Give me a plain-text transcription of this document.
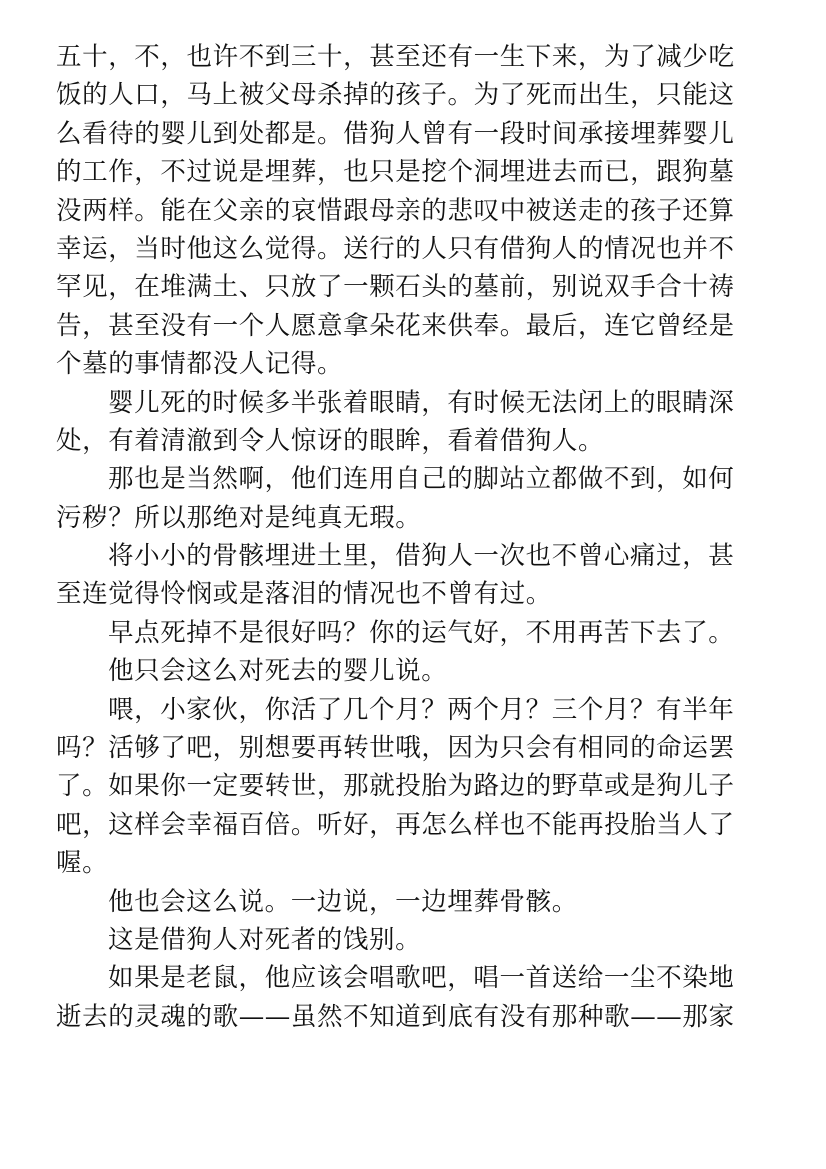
五十，不，也许不到三十，甚至还有一生下来，为了减少吃
饭的人口，马上被父母杀掉的孩子。为了死而出生，只能这
么看待的婴儿到处都是。借狗人曾有一段时间承接埋葬婴儿
的工作，不过说是埋葬，也只是挖个洞埋进去而已，跟狗墓
没两样。能在父亲的哀惜跟母亲的悲叹中被送走的孩子还算
幸运，当时他这么觉得。送行的人只有借狗人的情况也并不
罕见，在堆满土、只放了一颗石头的墓前，别说双手合十祷
告，甚至没有一个人愿意拿朵花来供奉。最后，连它曾经是
个墓的事情都没人记得。
婴儿死的时候多半张着眼睛，有时候无法闭上的眼睛深
处，有着清澈到令人惊讶的眼眸，看着借狗人。
那也是当然啊，他们连用自己的脚站立都做不到，如何
污秽？所以那绝对是纯真无瑕。
将小小的骨骸埋进土里，借狗人一次也不曾心痛过，甚
至连觉得怜悯或是落泪的情况也不曾有过。
早点死掉不是很好吗？你的运气好，不用再苦下去了。
他只会这么对死去的婴儿说。
喂，小家伙，你活了几个月？两个月？三个月？有半年
吗？活够了吧，别想要再转世哦，因为只会有相同的命运罢
了。如果你一定要转世，那就投胎为路边的野草或是狗儿子
吧，这样会幸福百倍。听好，再怎么样也不能再投胎当人了
喔。
他也会这么说。一边说，一边埋葬骨骸。
这是借狗人对死者的饯别。
如果是老鼠，他应该会唱歌吧，唱一首送给一尘不染地
逝去的灵魂的歌——虽然不知道到底有没有那种歌——那家
